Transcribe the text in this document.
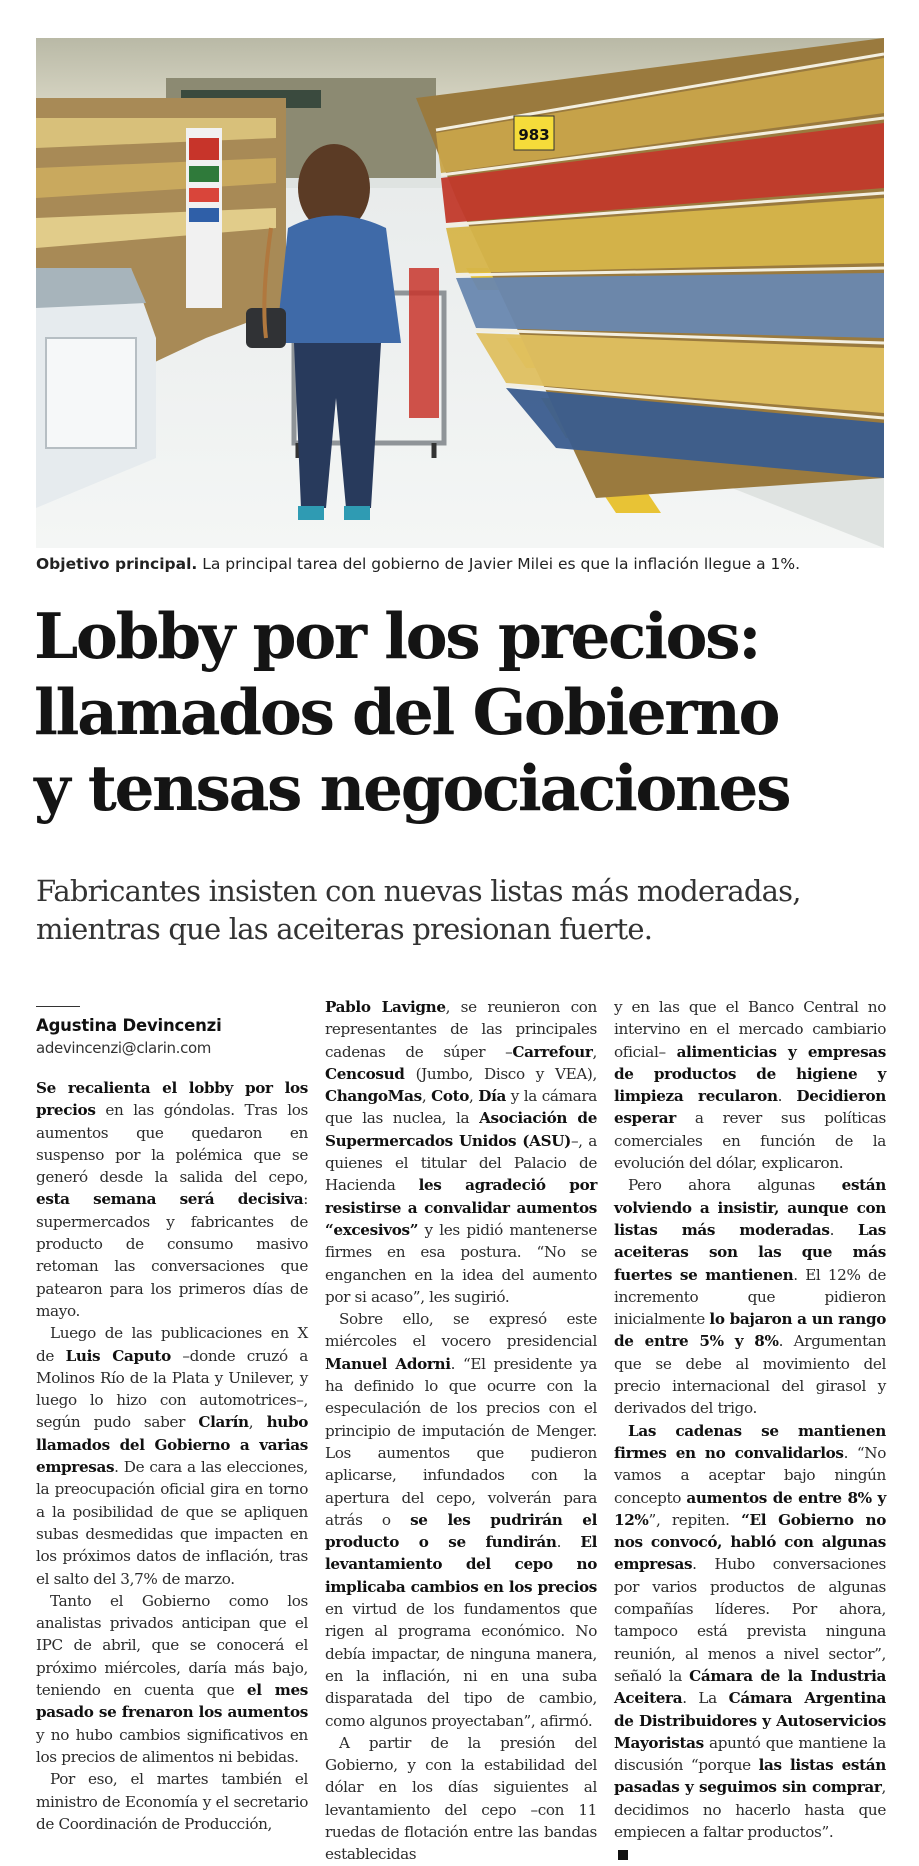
983
Objetivo principal. La principal tarea del gobierno de Javier Milei es que la inflación llegue a 1%.
Lobby por los precios:
llamados del Gobierno
y tensas negociaciones
Fabricantes insisten con nuevas listas más moderadas,
mientras que las aceiteras presionan fuerte.
Agustina Devincenzi
adevincenzi@clarin.com

Se recalienta el lobby por los precios en las góndolas. Tras los aumentos que quedaron en suspenso por la polémica que se generó desde la salida del cepo, esta semana será decisiva: supermercados y fabricantes de producto de consumo masivo retoman las conversaciones que patearon para los primeros días de mayo.

Luego de las publicaciones en X de Luis Caputo –donde cruzó a Molinos Río de la Plata y Unilever, y luego lo hizo con automotrices–, según pudo saber Clarín, hubo llamados del Gobierno a varias empresas. De cara a las elecciones, la preocupación oficial gira en torno a la posibilidad de que se apliquen subas desmedidas que impacten en los próximos datos de inflación, tras el salto del 3,7% de marzo.

Tanto el Gobierno como los analistas privados anticipan que el IPC de abril, que se conocerá el próximo miércoles, daría más bajo, teniendo en cuenta que el mes pasado se frenaron los aumentos y no hubo cambios significativos en los precios de alimentos ni bebidas.

Por eso, el martes también el ministro de Economía y el secretario de Coordinación de Producción,

Pablo Lavigne, se reunieron con representantes de las principales cadenas de súper –Carrefour, Cencosud (Jumbo, Disco y VEA), ChangoMas, Coto, Día y la cámara que las nuclea, la Asociación de Supermercados Unidos (ASU)–, a quienes el titular del Palacio de Hacienda les agradeció por resistirse a convalidar aumentos “excesivos” y les pidió mantenerse firmes en esa postura. “No se enganchen en la idea del aumento por si acaso”, les sugirió.

Sobre ello, se expresó este miércoles el vocero presidencial Manuel Adorni. “El presidente ya ha definido lo que ocurre con la especulación de los precios con el principio de imputación de Menger. Los aumentos que pudieron aplicarse, infundados con la apertura del cepo, volverán para atrás o se les pudrirán el producto o se fundirán. El levantamiento del cepo no implicaba cambios en los precios en virtud de los fundamentos que rigen al programa económico. No debía impactar, de ninguna manera, en la inflación, ni en una suba disparatada del tipo de cambio, como algunos proyectaban”, afirmó.

A partir de la presión del Gobierno, y con la estabilidad del dólar en los días siguientes al levantamiento del cepo –con 11 ruedas de flotación entre las bandas establecidas

y en las que el Banco Central no intervino en el mercado cambiario oficial– alimenticias y empresas de productos de higiene y limpieza recularon. Decidieron esperar a rever sus políticas comerciales en función de la evolución del dólar, explicaron.

Pero ahora algunas están volviendo a insistir, aunque con listas más moderadas. Las aceiteras son las que más fuertes se mantienen. El 12% de incremento que pidieron inicialmente lo bajaron a un rango de entre 5% y 8%. Argumentan que se debe al movimiento del precio internacional del girasol y derivados del trigo.

Las cadenas se mantienen firmes en no convalidarlos. “No vamos a aceptar bajo ningún concepto aumentos de entre 8% y 12%”, repiten. “El Gobierno no nos convocó, habló con algunas empresas. Hubo conversaciones por varios productos de algunas compañías líderes. Por ahora, tampoco está prevista ninguna reunión, al menos a nivel sector”, señaló la Cámara de la Industria Aceitera. La Cámara Argentina de Distribuidores y Autoservicios Mayoristas apuntó que mantiene la discusión “porque las listas están pasadas y seguimos sin comprar, decidimos no hacerlo hasta que empiecen a faltar productos”.
